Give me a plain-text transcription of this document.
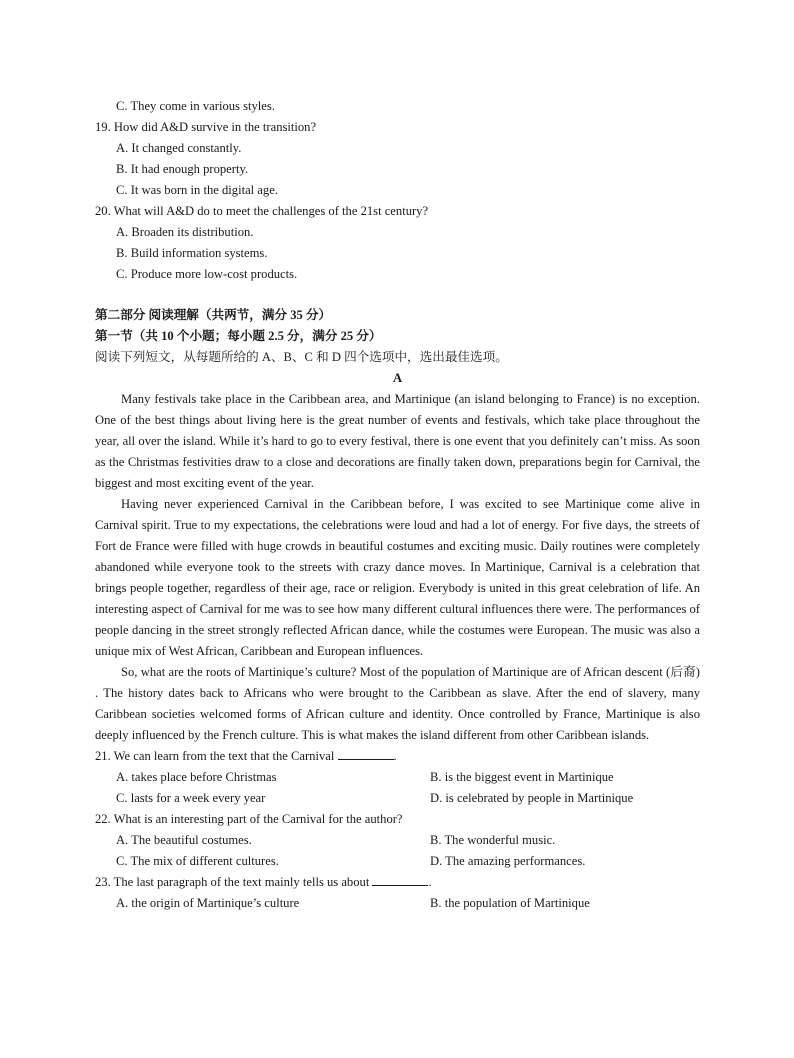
C. They come in various styles.
19. How did A&D survive in the transition?
A. It changed constantly.
B. It had enough property.
C. It was born in the digital age.
20. What will A&D do to meet the challenges of the 21st century?
A. Broaden its distribution.
B. Build information systems.
C. Produce more low-cost products.
第二部分 阅读理解（共两节，满分 35 分）
第一节（共 10 个小题；每小题 2.5 分，满分 25 分）
阅读下列短文，从每题所给的 A、B、C 和 D 四个选项中，选出最佳选项。
A

Many festivals take place in the Caribbean area, and Martinique (an island belonging to France) is no exception. One of the best things about living here is the great number of events and festivals, which take place throughout the year, all over the island. While it’s hard to go to every festival, there is one event that you definitely can’t miss. As soon as the Christmas festivities draw to a close and decorations are finally taken down, preparations begin for Carnival, the biggest and most exciting event of the year.

Having never experienced Carnival in the Caribbean before, I was excited to see Martinique come alive in Carnival spirit. True to my expectations, the celebrations were loud and had a lot of energy. For five days, the streets of Fort de France were filled with huge crowds in beautiful costumes and exciting music. Daily routines were completely abandoned while everyone took to the streets with crazy dance moves. In Martinique, Carnival is a celebration that brings people together, regardless of their age, race or religion. Everybody is united in this great celebration of life. An interesting aspect of Carnival for me was to see how many different cultural influences there were. The performances of people dancing in the street strongly reflected African dance, while the costumes were European. The music was also a unique mix of West African, Caribbean and European influences.

So, what are the roots of Martinique’s culture? Most of the population of Martinique are of African descent (后裔) . The history dates back to Africans who were brought to the Caribbean as slave. After the end of slavery, many Caribbean societies welcomed forms of African culture and identity. Once controlled by France, Martinique is also deeply influenced by the French culture. This is what makes the island different from other Caribbean islands.

21. We can learn from the text that the Carnival	.
A. takes place before Christmas	B. is the biggest event in Martinique
C. lasts for a week every year	D. is celebrated by people in Martinique
22. What is an interesting part of the Carnival for the author?
A. The beautiful costumes.	B. The wonderful music.
C. The mix of different cultures.	D. The amazing performances.
23. The last paragraph of the text mainly tells us about	.
A. the origin of Martinique’s culture	B. the population of Martinique
